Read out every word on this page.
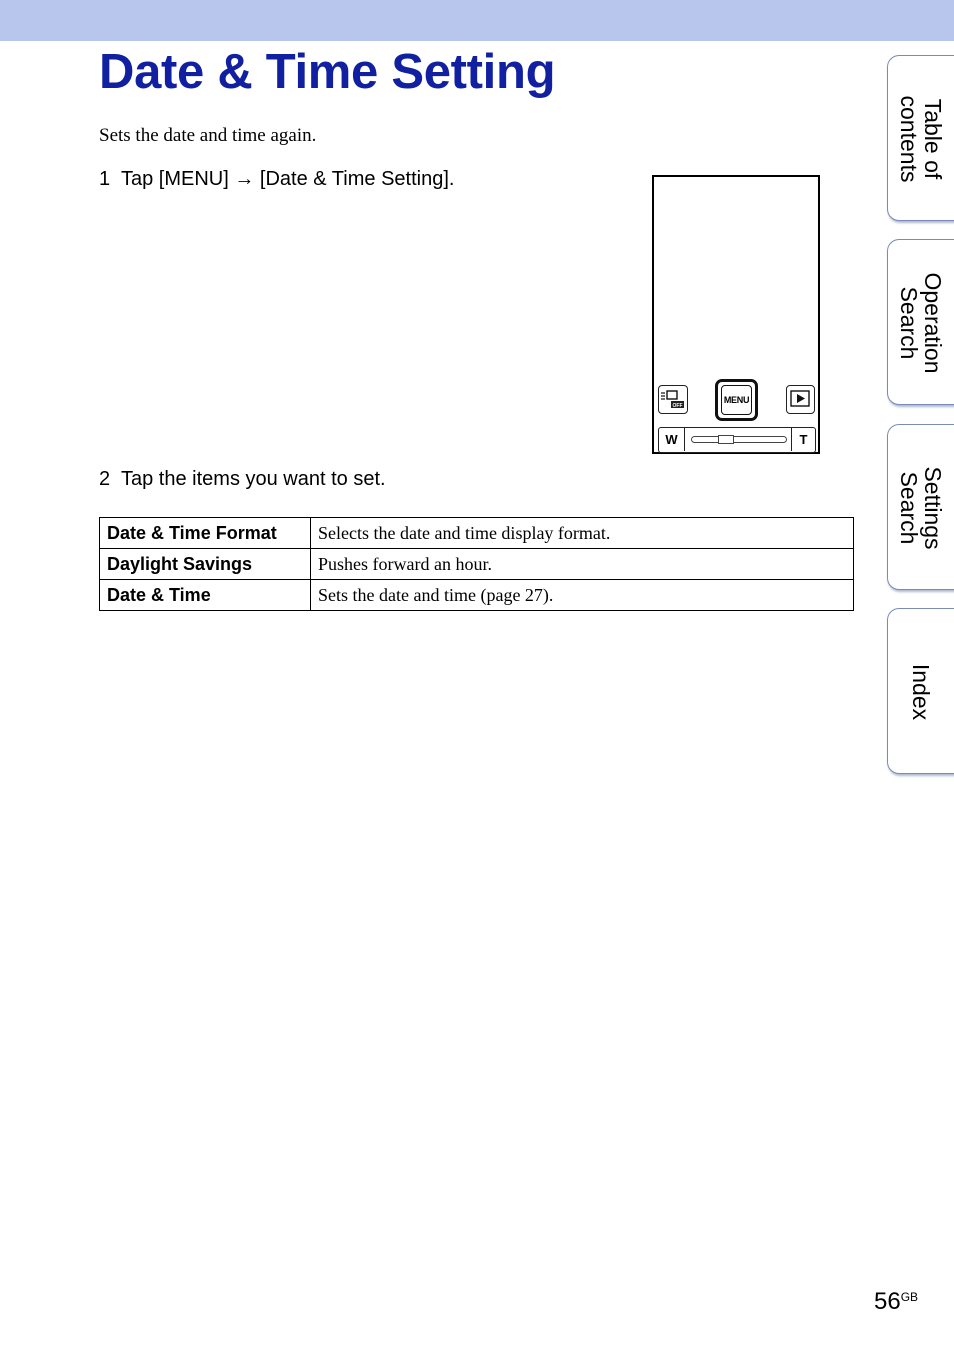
Date & Time Setting

Sets the date and time again.

1 Tap [MENU] → [Date & Time Setting].
OFF
MENU
W	T
2 Tap the items you want to set.
Date & Time Format	Selects the date and time display format.
Daylight Savings	Pushes forward an hour.
Date & Time	Sets the date and time (page 27).
Table of
contents
Operation
Search
Settings
Search
Index
$56^{GB}$
